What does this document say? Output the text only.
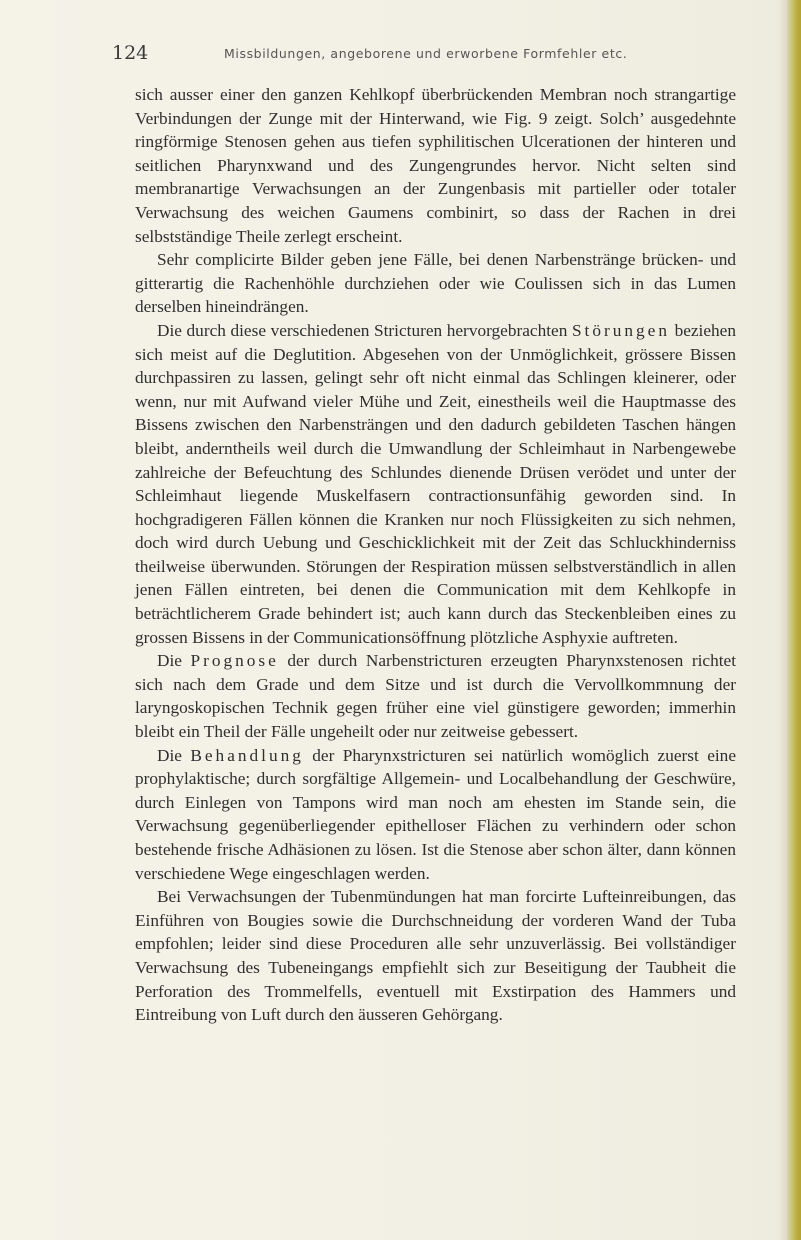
124	Missbildungen, angeborene und erworbene Formfehler etc.

sich ausser einer den ganzen Kehlkopf überbrückenden Membran noch strangartige Verbindungen der Zunge mit der Hinterwand, wie Fig. 9 zeigt. Solch’ ausgedehnte ringförmige Stenosen gehen aus tiefen syphilitischen Ulcerationen der hinteren und seitlichen Pharynxwand und des Zungengrundes hervor. Nicht selten sind membranartige Verwachsungen an der Zungenbasis mit partieller oder totaler Verwachsung des weichen Gaumens combinirt, so dass der Rachen in drei selbstständige Theile zerlegt erscheint.

Sehr complicirte Bilder geben jene Fälle, bei denen Narbenstränge brücken- und gitterartig die Rachenhöhle durchziehen oder wie Coulissen sich in das Lumen derselben hineindrängen.

Die durch diese verschiedenen Stricturen hervorgebrachten Störungen beziehen sich meist auf die Deglutition. Abgesehen von der Unmöglichkeit, grössere Bissen durchpassiren zu lassen, gelingt sehr oft nicht einmal das Schlingen kleinerer, oder wenn, nur mit Aufwand vieler Mühe und Zeit, einestheils weil die Hauptmasse des Bissens zwischen den Narbensträngen und den dadurch gebildeten Taschen hängen bleibt, anderntheils weil durch die Umwandlung der Schleimhaut in Narbengewebe zahlreiche der Befeuchtung des Schlundes dienende Drüsen verödet und unter der Schleimhaut liegende Muskelfasern contractionsunfähig geworden sind. In hochgradigeren Fällen können die Kranken nur noch Flüssigkeiten zu sich nehmen, doch wird durch Uebung und Geschicklichkeit mit der Zeit das Schluckhinderniss theilweise überwunden. Störungen der Respiration müssen selbstverständlich in allen jenen Fällen eintreten, bei denen die Communication mit dem Kehlkopfe in beträchtlicherem Grade behindert ist; auch kann durch das Steckenbleiben eines zu grossen Bissens in der Communicationsöffnung plötzliche Asphyxie auftreten.

Die Prognose der durch Narbenstricturen erzeugten Pharynxstenosen richtet sich nach dem Grade und dem Sitze und ist durch die Vervollkommnung der laryngoskopischen Technik gegen früher eine viel günstigere geworden; immerhin bleibt ein Theil der Fälle ungeheilt oder nur zeitweise gebessert.

Die Behandlung der Pharynxstricturen sei natürlich womöglich zuerst eine prophylaktische; durch sorgfältige Allgemein- und Localbehandlung der Geschwüre, durch Einlegen von Tampons wird man noch am ehesten im Stande sein, die Verwachsung gegenüberliegender epithelloser Flächen zu verhindern oder schon bestehende frische Adhäsionen zu lösen. Ist die Stenose aber schon älter, dann können verschiedene Wege eingeschlagen werden.

Bei Verwachsungen der Tubenmündungen hat man forcirte Lufteinreibungen, das Einführen von Bougies sowie die Durchschneidung der vorderen Wand der Tuba empfohlen; leider sind diese Proceduren alle sehr unzuverlässig. Bei vollständiger Verwachsung des Tubeneingangs empfiehlt sich zur Beseitigung der Taubheit die Perforation des Trommelfells, eventuell mit Exstirpation des Hammers und Eintreibung von Luft durch den äusseren Gehörgang.
